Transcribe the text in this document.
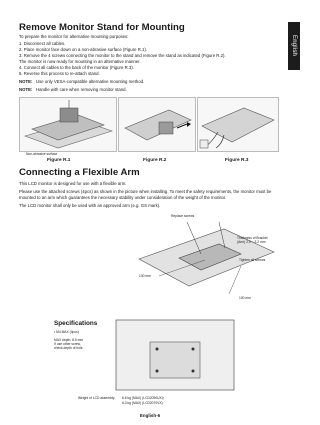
English
Remove Monitor Stand for Mounting

To prepare the monitor for alternative mounting purposes:

1. Disconnect all cables.
2. Place monitor face down on a non-abrasive surface (Figure R.1).
3. Remove the 4 screws connecting the monitor to the stand and remove the stand as indicated (Figure R.2).
The monitor is now ready for mounting in an alternative manner.
4. Connect all cables to the back of the monitor (Figure R.3).
5. Reverse this process to re-attach stand.
NOTE: Use only VESA-compatible alternative mounting method.
NOTE: Handle with care when removing monitor stand.
Non-abrasive surface
Figure R.1	Figure R.2	Figure R.3
Connecting a Flexible Arm

This LCD monitor is designed for use with a flexible arm.

Please use the attached screws (4pcs) as shown in the picture when installing. To meet the safety requirements, the monitor must be mounted to an arm which guarantees the necessary stability under consideration of the weight of the monitor.

The LCD monitor shall only be used with an approved arm (e.g. GS mark).

Replace screws
Thickness of Bracket
(Arm) 2.0 ~ 3.2 mm
Tighten all screws
100 mm
100 mm
Specifications
• M4 MAX (4pcs)
MAX depth: 8.5 mm
If use other screw,
check depth of hole.
Weight of LCD assembly: 6.6 kg (MAX) (LCD2090UXi)
6.3 kg (MAX) (LCD2070VX)
English-6
